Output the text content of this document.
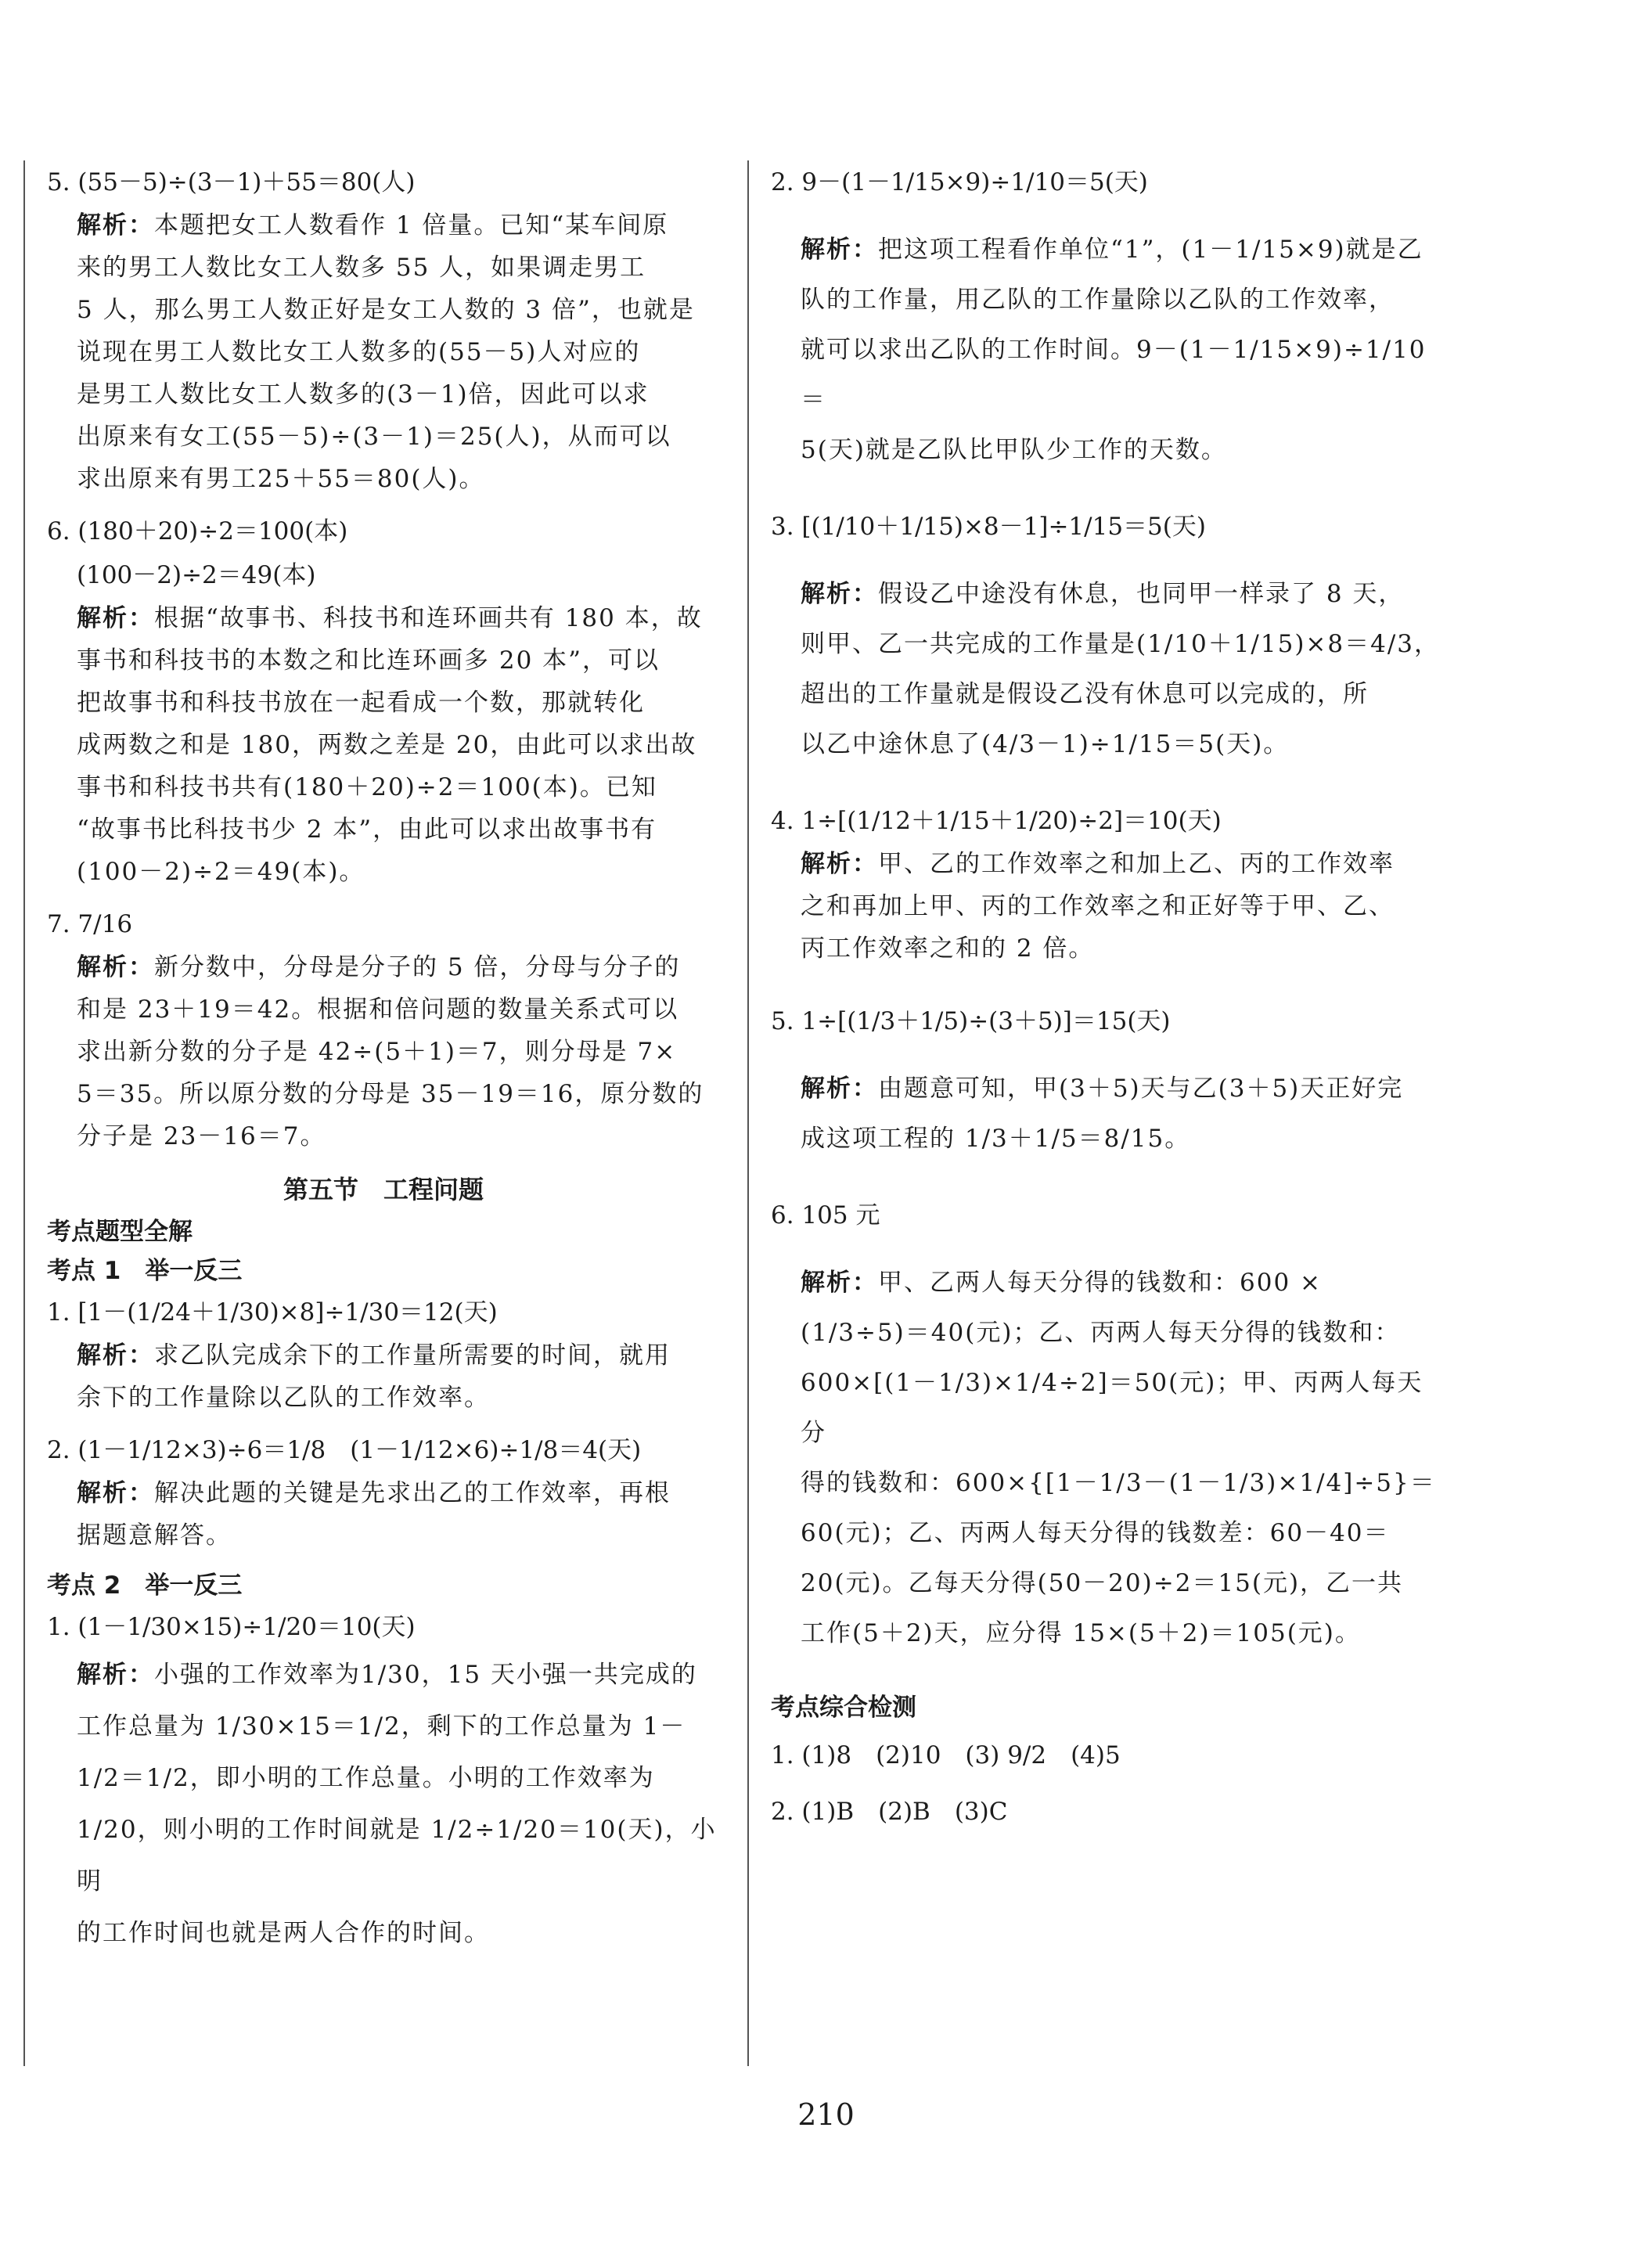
5. (55－5)÷(3－1)＋55＝80(人)
解析：本题把女工人数看作 1 倍量。已知“某车间原
来的男工人数比女工人数多 55 人，如果调走男工
5 人，那么男工人数正好是女工人数的 3 倍”，也就是
说现在男工人数比女工人数多的(55－5)人对应的
是男工人数比女工人数多的(3－1)倍，因此可以求
出原来有女工(55－5)÷(3－1)＝25(人)，从而可以
求出原来有男工25＋55＝80(人)。
6. (180＋20)÷2＝100(本)
(100－2)÷2＝49(本)
解析：根据“故事书、科技书和连环画共有 180 本，故
事书和科技书的本数之和比连环画多 20 本”，可以
把故事书和科技书放在一起看成一个数，那就转化
成两数之和是 180，两数之差是 20，由此可以求出故
事书和科技书共有(180＋20)÷2＝100(本)。已知
“故事书比科技书少 2 本”，由此可以求出故事书有
(100－2)÷2＝49(本)。
7. 7/16
解析：新分数中，分母是分子的 5 倍，分母与分子的
和是 23＋19＝42。根据和倍问题的数量关系式可以
求出新分数的分子是 42÷(5＋1)＝7，则分母是 7×
5＝35。所以原分数的分母是 35－19＝16，原分数的
分子是 23－16＝7。
第五节　工程问题
考点题型全解
考点 1　举一反三
1. [1－(1/24＋1/30)×8]÷1/30＝12(天)
解析：求乙队完成余下的工作量所需要的时间，就用
余下的工作量除以乙队的工作效率。
2. (1－1/12×3)÷6＝1/8　(1－1/12×6)÷1/8＝4(天)
解析：解决此题的关键是先求出乙的工作效率，再根
据题意解答。
考点 2　举一反三
1. (1－1/30×15)÷1/20＝10(天)
解析：小强的工作效率为1/30，15 天小强一共完成的
工作总量为 1/30×15＝1/2，剩下的工作总量为 1－
1/2＝1/2，即小明的工作总量。小明的工作效率为
1/20，则小明的工作时间就是 1/2÷1/20＝10(天)，小明
的工作时间也就是两人合作的时间。
2. 9－(1－1/15×9)÷1/10＝5(天)
解析：把这项工程看作单位“1”，(1－1/15×9)就是乙
队的工作量，用乙队的工作量除以乙队的工作效率，
就可以求出乙队的工作时间。9－(1－1/15×9)÷1/10＝
5(天)就是乙队比甲队少工作的天数。
3. [(1/10＋1/15)×8－1]÷1/15＝5(天)
解析：假设乙中途没有休息，也同甲一样录了 8 天，
则甲、乙一共完成的工作量是(1/10＋1/15)×8＝4/3，
超出的工作量就是假设乙没有休息可以完成的，所
以乙中途休息了(4/3－1)÷1/15＝5(天)。
4. 1÷[(1/12＋1/15＋1/20)÷2]＝10(天)
解析：甲、乙的工作效率之和加上乙、丙的工作效率
之和再加上甲、丙的工作效率之和正好等于甲、乙、
丙工作效率之和的 2 倍。
5. 1÷[(1/3＋1/5)÷(3＋5)]＝15(天)
解析：由题意可知，甲(3＋5)天与乙(3＋5)天正好完
成这项工程的 1/3＋1/5＝8/15。
6. 105 元
解析：甲、乙两人每天分得的钱数和：600 ×
(1/3÷5)＝40(元)；乙、丙两人每天分得的钱数和：
600×[(1－1/3)×1/4÷2]＝50(元)；甲、丙两人每天分
得的钱数和：600×{[1－1/3－(1－1/3)×1/4]÷5}＝
60(元)；乙、丙两人每天分得的钱数差：60－40＝
20(元)。乙每天分得(50－20)÷2＝15(元)，乙一共
工作(5＋2)天，应分得 15×(5＋2)＝105(元)。
考点综合检测
1. (1)8　(2)10　(3) 9/2　(4)5
2. (1)B　(2)B　(3)C
210
